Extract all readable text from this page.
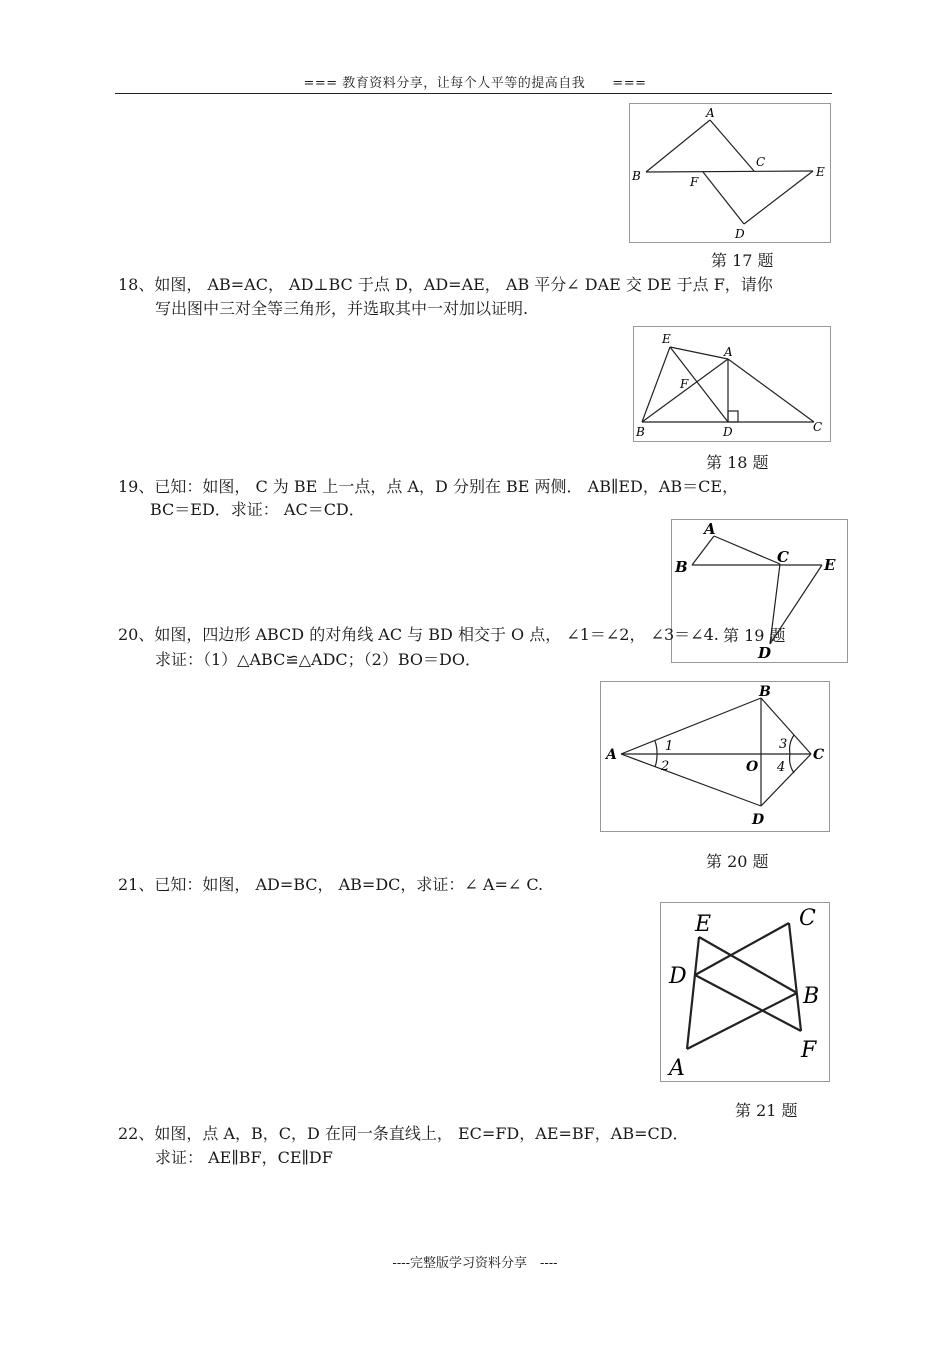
=== 教育资料分享，让每个人平等的提高自我　　===
A
B
C
D
E
F
第 17 题
18、如图， AB=AC， AD⊥BC 于点 D，AD=AE， AB 平分∠ DAE 交 DE 于点 F，请你
写出图中三对全等三角形，并选取其中一对加以证明.
E
A
F
B	D	C
第 18 题
19、已知：如图， C 为 BE 上一点，点 A，D 分别在 BE 两侧． AB∥ED，AB＝CE，
BC＝ED．求证： AC＝CD．
A
B
C E
D
第 19 题
20、如图，四边形 ABCD 的对角线 AC 与 BD 相交于 O 点， ∠1＝∠2， ∠3＝∠4.
求证：（1）△ABC≌△ADC；（2）BO＝DO．
B
A
1
2
3
O 4
C
D
第 20 题
21、已知：如图， AD=BC， AB=DC，求证：∠ A=∠ C.
E	C
D
B
F
A
第 21 题
22、如图，点 A，B，C，D 在同一条直线上， EC=FD，AE=BF，AB=CD．
求证： AE∥BF，CE∥DF
----完整版学习资料分享　----
